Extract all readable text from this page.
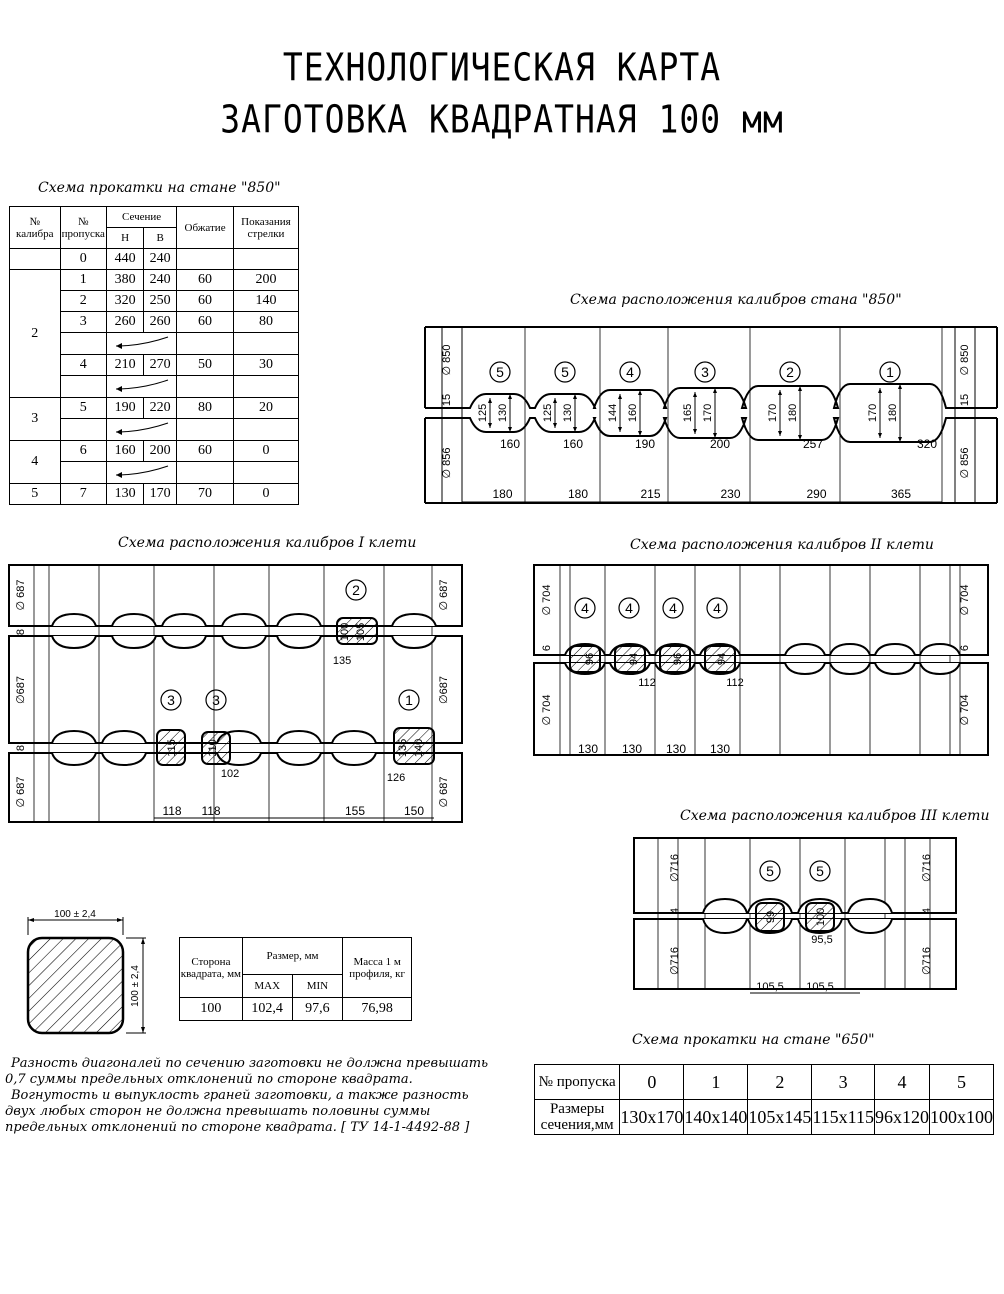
ТЕХНОЛОГИЧЕСКАЯ КАРТА
ЗАГОТОВКА КВАДРАТНАЯ 100 мм
Схема прокатки на стане "850"
№ калибра	№ пропуска	Сечение		Обжатие	Показания стрелки
		Н	В		
	0	440	240		
2	1	380	240	60	200
	2	320	250	60	140
	3	260	260	60	80

	4	210	270	50	30

3	5	190	220	80	20

4	6	160	200	60	0

5	7	130	170	70	0
Схема расположения калибров стана "850"
∅ 850
15
∅ 856
∅ 850
15
∅ 856
5
125 130
160
5
125 130
160
4
144 160
190
3
165 170
200
2
170 180
257
1
170 180
320
180	180	215	230	290	365
Схема расположения калибров I клети
∅ 687
8
∅687
8
∅ 687
∅ 687
∅687
∅ 687
2
3	3	1
100 105
135
115	110
102
135 140
126
118 118	155	150
Схема расположения калибров II клети
∅ 704
6
∅ 704
∅ 704
6
∅ 704
4
96
4
94
112
4
96
4
94
112
130 130 130 130
Схема расположения калибров III клети
∅716
4
∅716
∅716
4
∅716
5
99
5
100
95,5
105,5 105,5
100 ± 2,4
100 ± 2,4
Сторона квадрата, мм	Размер, мм		Масса 1 м профиля, кг
	MAX	MIN	
100	102,4	97,6	76,98
Разность диагоналей по сечению заготовки не должна превышать
0,7 суммы предельных отклонений по стороне квадрата.
Вогнутость и выпуклость граней заготовки, а также разность
двух любых сторон не должна превышать половины суммы
предельных отклонений по стороне квадрата. [ ТУ 14-1-4492-88 ]
Схема прокатки на стане "650"
№ пропуска	0	1	2	3	4	5
Размеры сечения,мм	130x170	140x140	105x145	115x115	96x120	100x100
